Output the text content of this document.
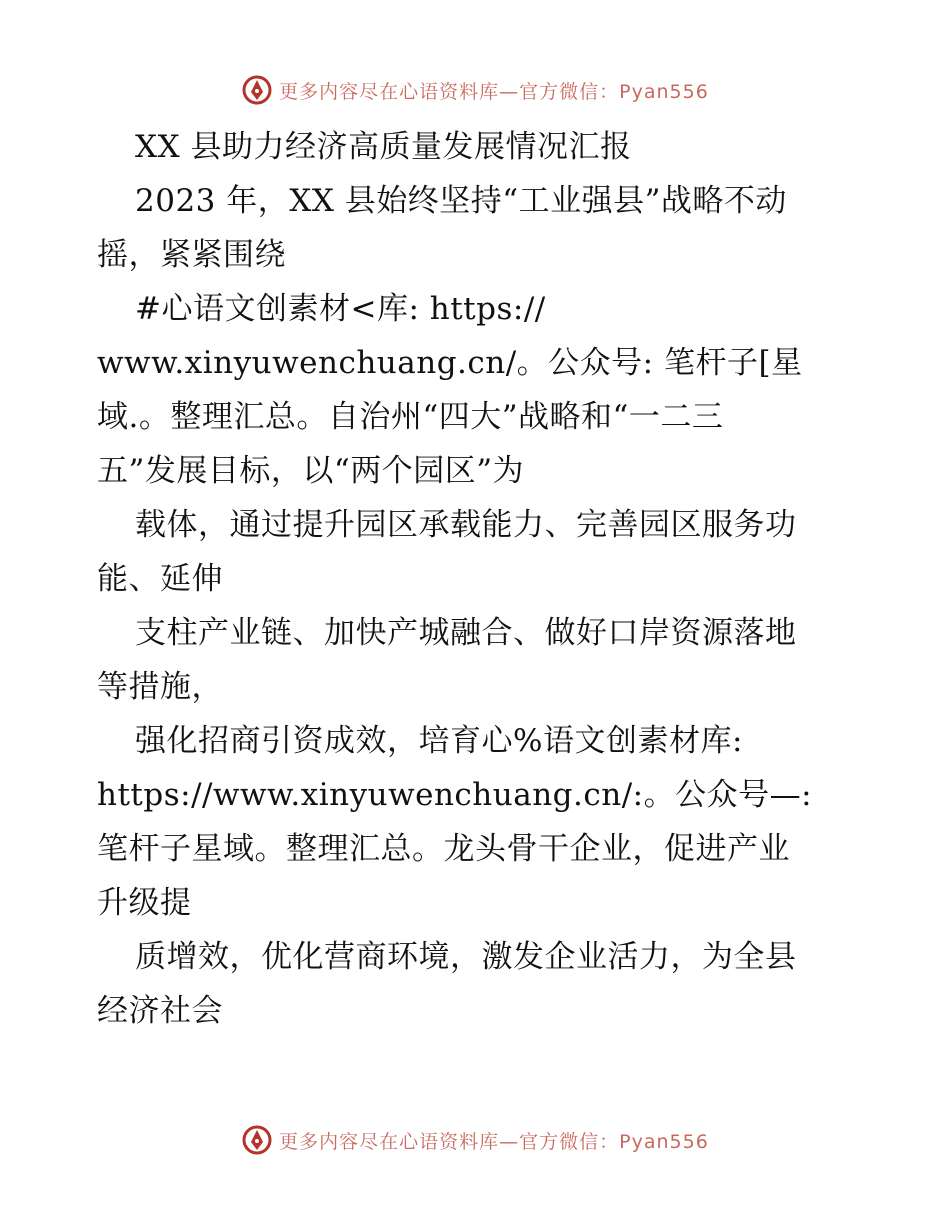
更多内容尽在心语资料库—官方微信：Pyan556
XX 县助力经济高质量发展情况汇报
2023 年，XX 县始终坚持“工业强县”战略不动
摇，紧紧围绕
#心语文创素材<库: https://
www.xinyuwenchuang.cn/。公众号: 笔杆子[星
域.。整理汇总。自治州“四大”战略和“一二三
五”发展目标，以“两个园区”为
载体，通过提升园区承载能力、完善园区服务功
能、延伸
支柱产业链、加快产城融合、做好口岸资源落地
等措施，
强化招商引资成效，培育心%语文创素材库:
https://www.xinyuwenchuang.cn/:。公众号—:
笔杆子星域。整理汇总。龙头骨干企业，促进产业
升级提
质增效，优化营商环境，激发企业活力，为全县
经济社会
更多内容尽在心语资料库—官方微信：Pyan556
